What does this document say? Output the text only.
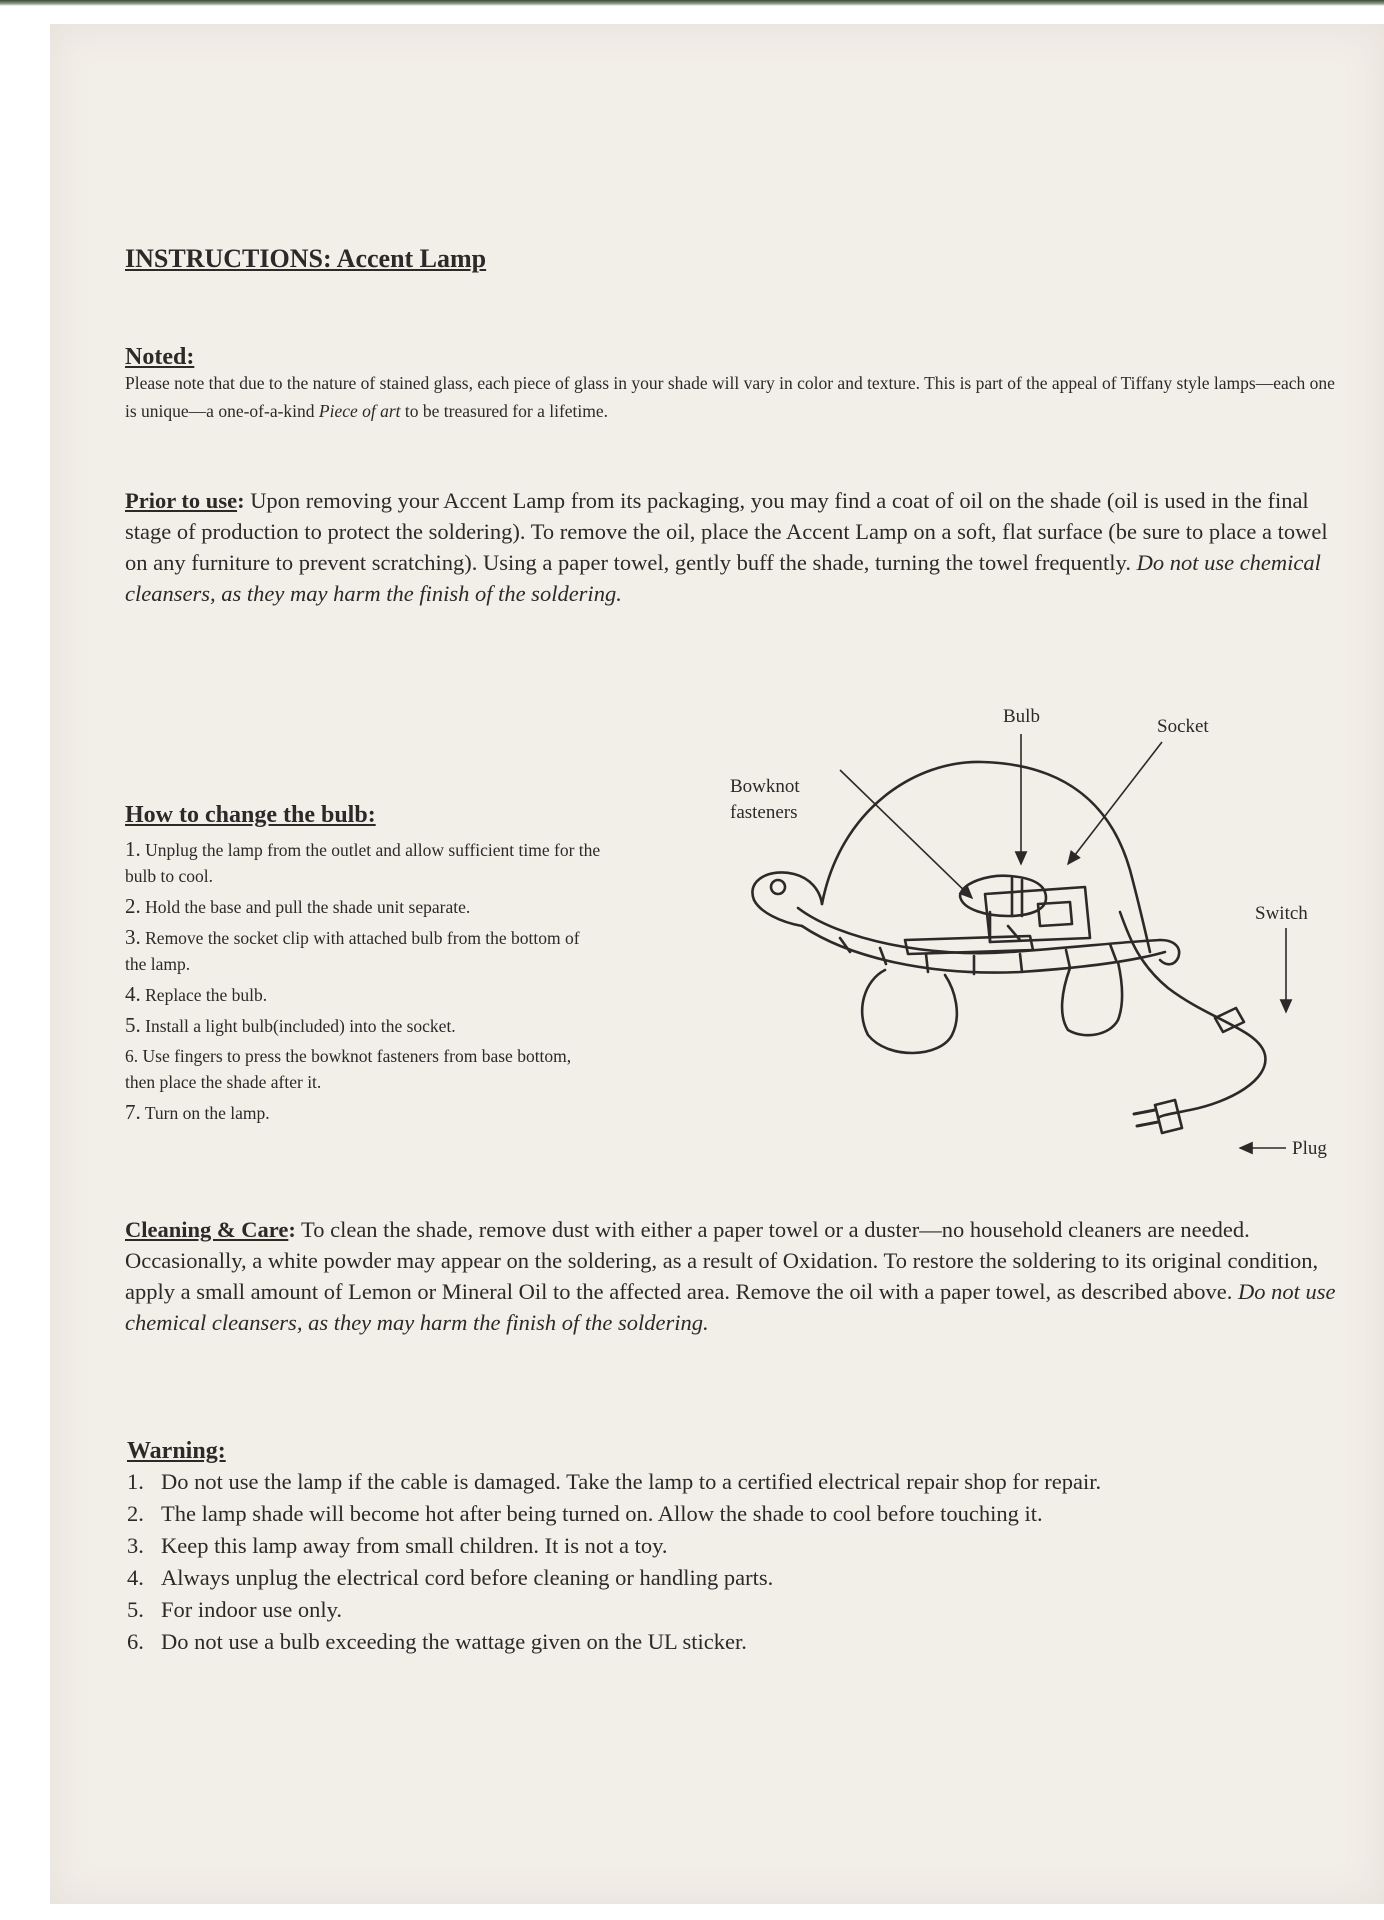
INSTRUCTIONS: Accent Lamp
Noted:
Please note that due to the nature of stained glass, each piece of glass in your shade will vary in color and texture. This is part of the appeal of Tiffany style lamps—each one is unique—a one-of-a-kind Piece of art to be treasured for a lifetime.
Prior to use: Upon removing your Accent Lamp from its packaging, you may find a coat of oil on the shade (oil is used in the final stage of production to protect the soldering). To remove the oil, place the Accent Lamp on a soft, flat surface (be sure to place a towel on any furniture to prevent scratching). Using a paper towel, gently buff the shade, turning the towel frequently. Do not use chemical cleansers, as they may harm the finish of the soldering.
How to change the bulb:
1. Unplug the lamp from the outlet and allow sufficient time for the bulb to cool.
2. Hold the base and pull the shade unit separate.
3. Remove the socket clip with attached bulb from the bottom of the lamp.
4. Replace the bulb.
5. Install a light bulb(included) into the socket.
6. Use fingers to press the bowknot fasteners from base bottom, then place the shade after it.
7. Turn on the lamp.
Bulb	Socket
Bowknot
fasteners
Switch
Plug
Cleaning & Care: To clean the shade, remove dust with either a paper towel or a duster—no household cleaners are needed. Occasionally, a white powder may appear on the soldering, as a result of Oxidation. To restore the soldering to its original condition, apply a small amount of Lemon or Mineral Oil to the affected area. Remove the oil with a paper towel, as described above. Do not use chemical cleansers, as they may harm the finish of the soldering.
Warning:
1. Do not use the lamp if the cable is damaged. Take the lamp to a certified electrical repair shop for repair.
2. The lamp shade will become hot after being turned on. Allow the shade to cool before touching it.
3. Keep this lamp away from small children. It is not a toy.
4. Always unplug the electrical cord before cleaning or handling parts.
5. For indoor use only.
6. Do not use a bulb exceeding the wattage given on the UL sticker.
